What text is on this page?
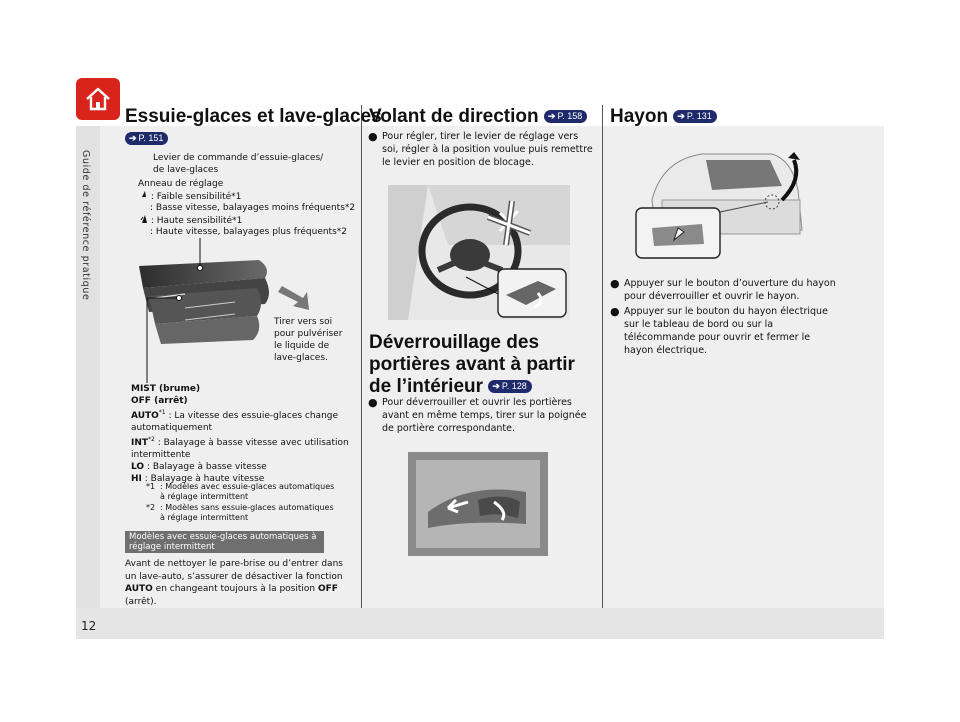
Guide de référence pratique
12
Essuie-glaces et lave-glaces
➔ P. 151
Levier de commande d’essuie-glaces/ de lave-glaces
Anneau de réglage
: Faible sensibilité*1
: Basse vitesse, balayages moins fréquents*2
: Haute sensibilité*1
: Haute vitesse, balayages plus fréquents*2
Tirer vers soi pour pulvériser le liquide de lave-glaces.
MIST (brume)
OFF (arrêt)
AUTO$^{*1}$ : La vitesse des essuie-glaces change automatiquement
INT$^{*2}$ : Balayage à basse vitesse avec utilisation intermittente
LO : Balayage à basse vitesse
HI : Balayage à haute vitesse
*1 : Modèles avec essuie-glaces automatiques à réglage intermittent
*2 : Modèles sans essuie-glaces automatiques à réglage intermittent
Modèles avec essuie-glaces automatiques à réglage intermittent
Avant de nettoyer le pare-brise ou d’entrer dans un lave-auto, s’assurer de désactiver la fonction AUTO en changeant toujours à la position OFF (arrêt).
Volant de direction ➔ P. 158
● Pour régler, tirer le levier de réglage vers soi, régler à la position voulue puis remettre le levier en position de blocage.
Déverrouillage des portières avant à partir de l’intérieur ➔ P. 128
● Pour déverrouiller et ouvrir les portières avant en même temps, tirer sur la poignée de portière correspondante.
Hayon ➔ P. 131
● Appuyer sur le bouton d’ouverture du hayon pour déverrouiller et ouvrir le hayon.
● Appuyer sur le bouton du hayon électrique sur le tableau de bord ou sur la télécommande pour ouvrir et fermer le hayon électrique.
